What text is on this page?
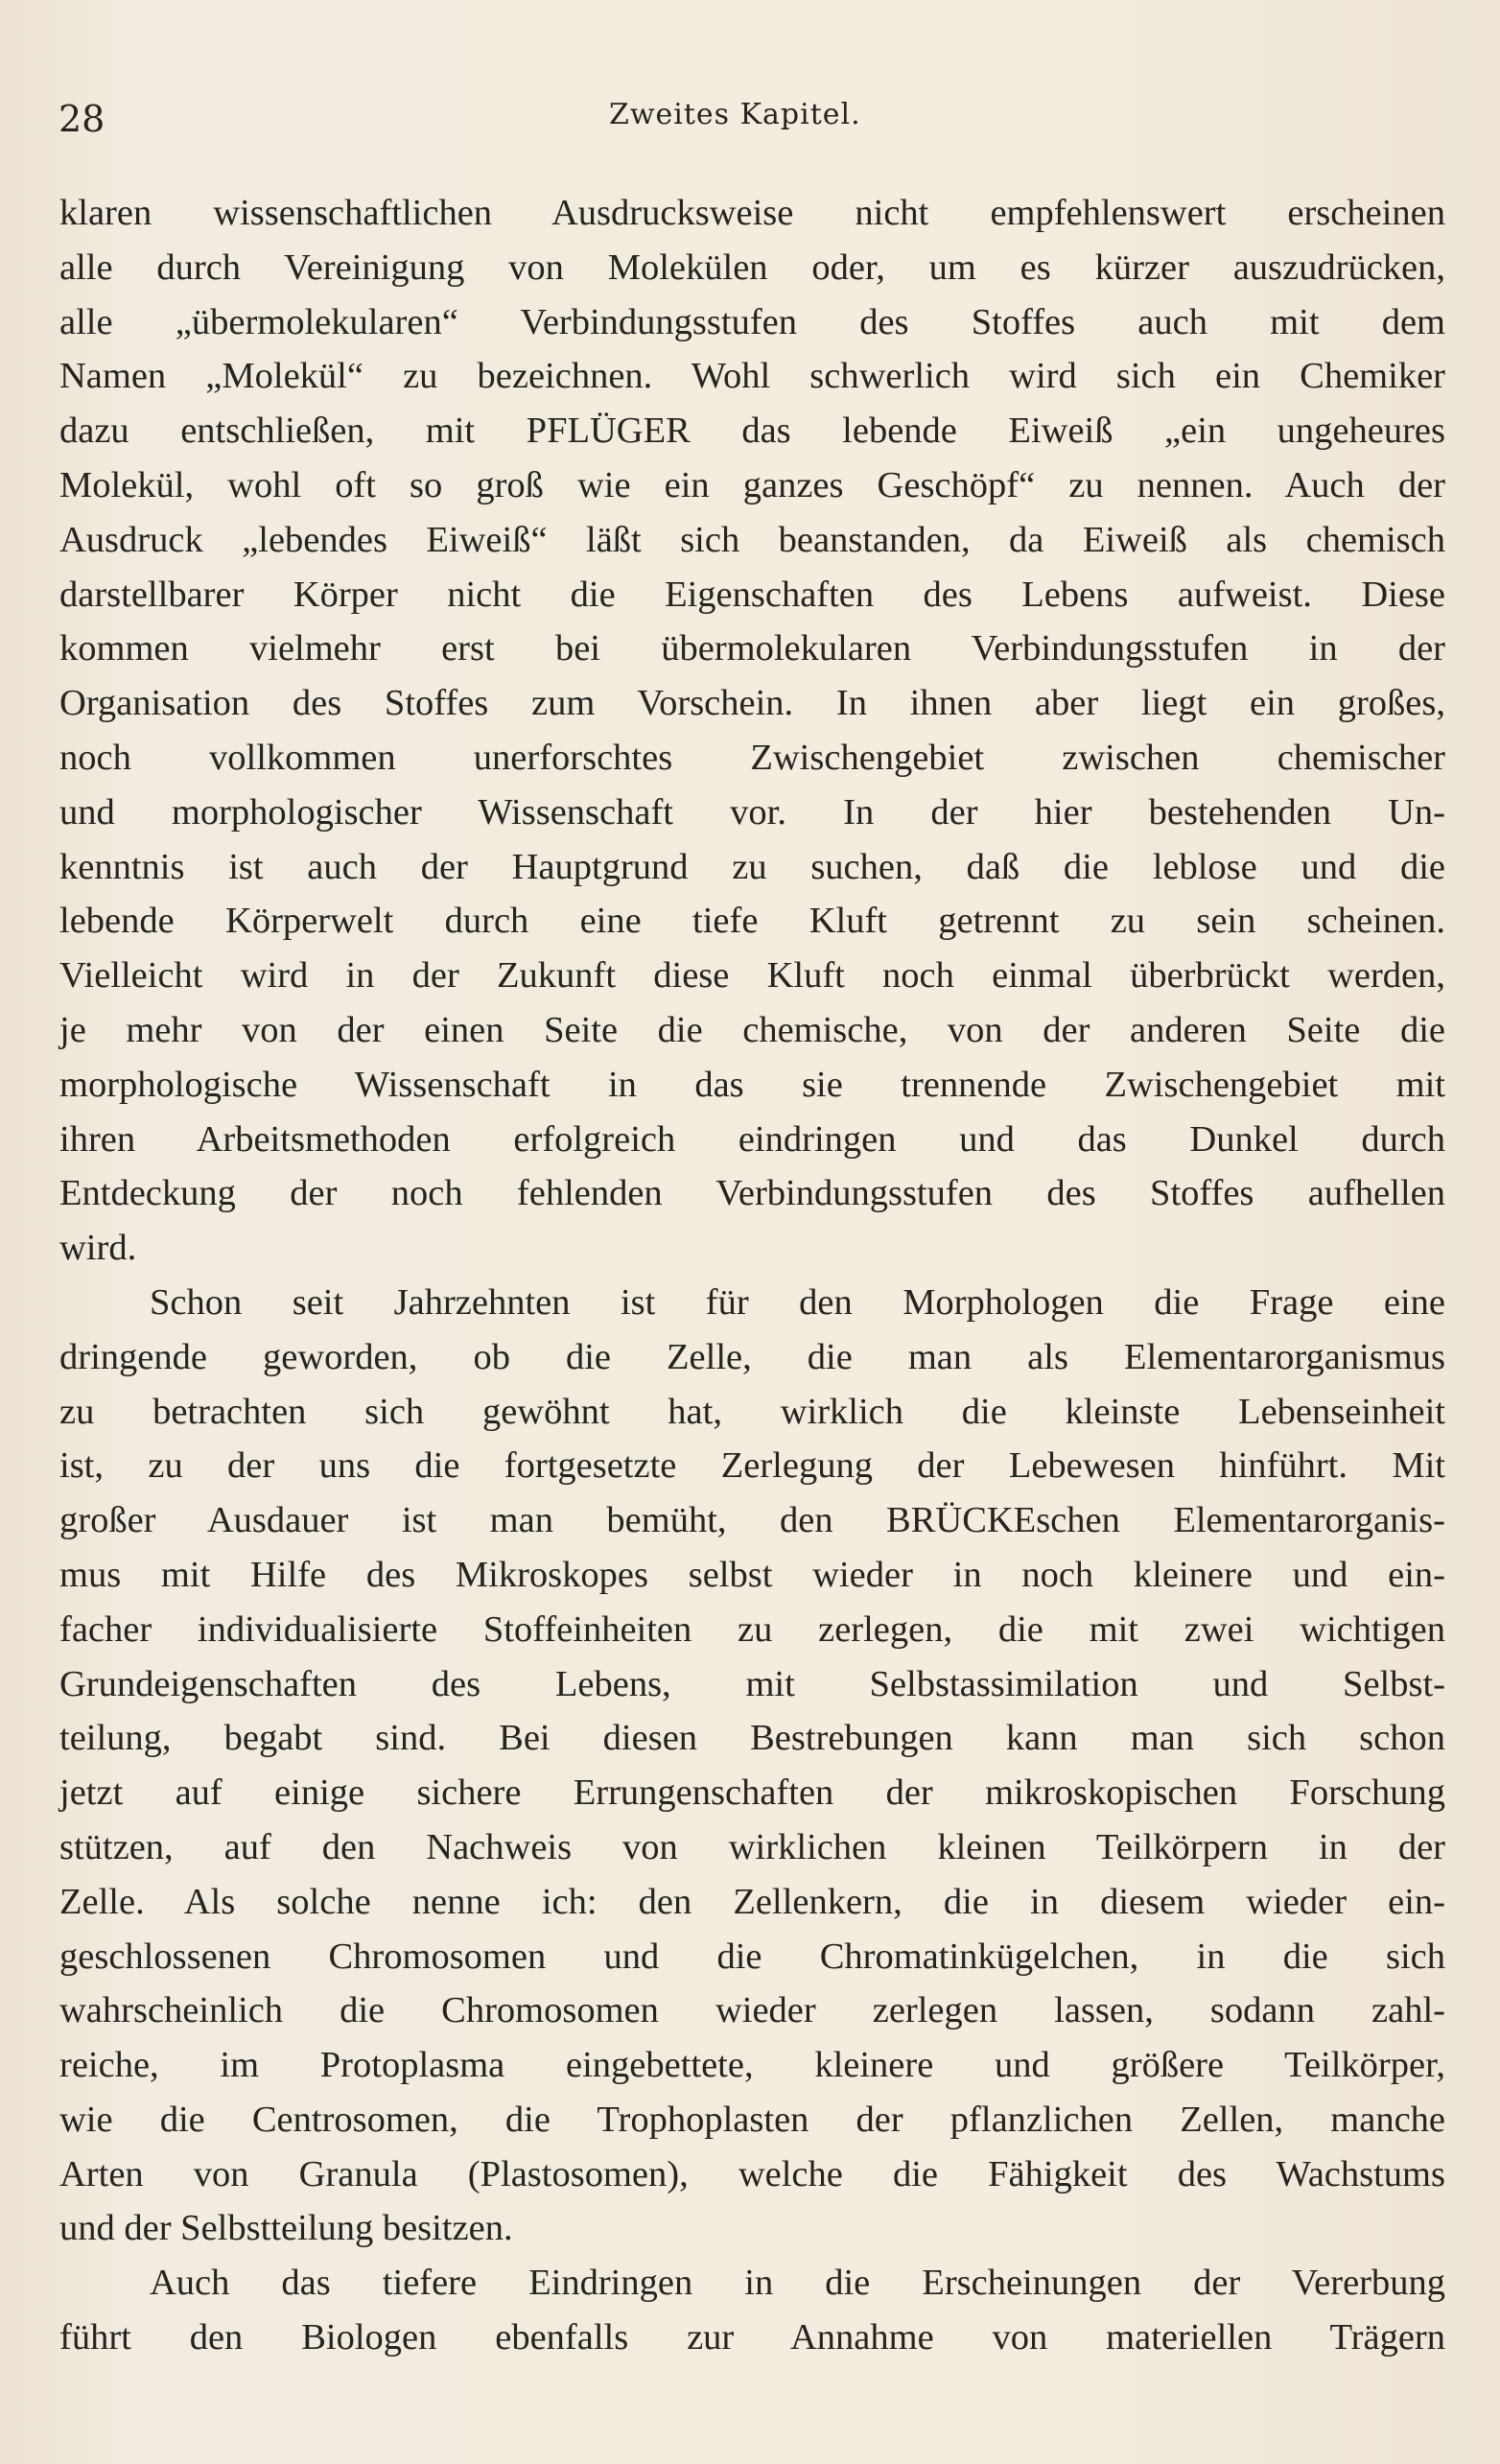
28	Zweites Kapitel.

klaren wissenschaftlichen Ausdrucksweise nicht empfehlenswert erscheinen
alle durch Vereinigung von Molekülen oder, um es kürzer auszudrücken,
alle „übermolekularen“ Verbindungsstufen des Stoffes auch mit dem
Namen „Molekül“ zu bezeichnen. Wohl schwerlich wird sich ein Chemiker
dazu entschließen, mit PFLÜGER das lebende Eiweiß „ein ungeheures
Molekül, wohl oft so groß wie ein ganzes Geschöpf“ zu nennen. Auch der
Ausdruck „lebendes Eiweiß“ läßt sich beanstanden, da Eiweiß als chemisch
darstellbarer Körper nicht die Eigenschaften des Lebens aufweist. Diese
kommen vielmehr erst bei übermolekularen Verbindungsstufen in der
Organisation des Stoffes zum Vorschein. In ihnen aber liegt ein großes,
noch vollkommen unerforschtes Zwischengebiet zwischen chemischer
und morphologischer Wissenschaft vor. In der hier bestehenden Un-
kenntnis ist auch der Hauptgrund zu suchen, daß die leblose und die
lebende Körperwelt durch eine tiefe Kluft getrennt zu sein scheinen.
Vielleicht wird in der Zukunft diese Kluft noch einmal überbrückt werden,
je mehr von der einen Seite die chemische, von der anderen Seite die
morphologische Wissenschaft in das sie trennende Zwischengebiet mit
ihren Arbeitsmethoden erfolgreich eindringen und das Dunkel durch
Entdeckung der noch fehlenden Verbindungsstufen des Stoffes aufhellen
wird.

Schon seit Jahrzehnten ist für den Morphologen die Frage eine
dringende geworden, ob die Zelle, die man als Elementarorganismus
zu betrachten sich gewöhnt hat, wirklich die kleinste Lebenseinheit
ist, zu der uns die fortgesetzte Zerlegung der Lebewesen hinführt. Mit
großer Ausdauer ist man bemüht, den BRÜCKEschen Elementarorganis-
mus mit Hilfe des Mikroskopes selbst wieder in noch kleinere und ein-
facher individualisierte Stoffeinheiten zu zerlegen, die mit zwei wichtigen
Grundeigenschaften des Lebens, mit Selbstassimilation und Selbst-
teilung, begabt sind. Bei diesen Bestrebungen kann man sich schon
jetzt auf einige sichere Errungenschaften der mikroskopischen Forschung
stützen, auf den Nachweis von wirklichen kleinen Teilkörpern in der
Zelle. Als solche nenne ich: den Zellenkern, die in diesem wieder ein-
geschlossenen Chromosomen und die Chromatinkügelchen, in die sich
wahrscheinlich die Chromosomen wieder zerlegen lassen, sodann zahl-
reiche, im Protoplasma eingebettete, kleinere und größere Teilkörper,
wie die Centrosomen, die Trophoplasten der pflanzlichen Zellen, manche
Arten von Granula (Plastosomen), welche die Fähigkeit des Wachstums
und der Selbstteilung besitzen.

Auch das tiefere Eindringen in die Erscheinungen der Vererbung
führt den Biologen ebenfalls zur Annahme von materiellen Trägern
